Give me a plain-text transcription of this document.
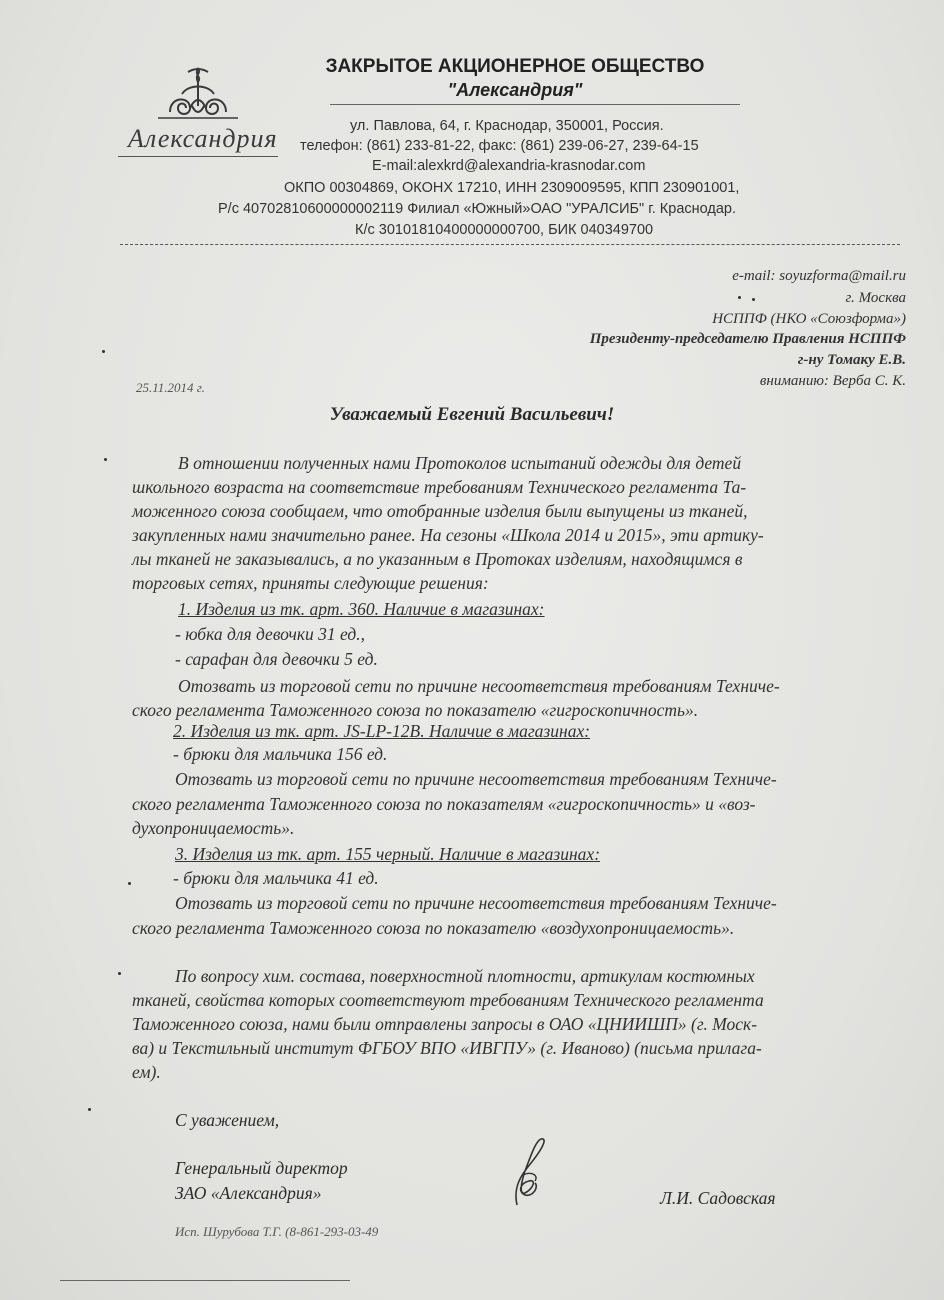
Александрия
ЗАКРЫТОЕ АКЦИОНЕРНОЕ ОБЩЕСТВО
"Александрия"
ул. Павлова, 64, г. Краснодар, 350001, Россия.
телефон: (861) 233-81-22, факс: (861) 239-06-27, 239-64-15
E-mail:alexkrd@alexandria-krasnodar.com
ОКПО 00304869, ОКОНХ 17210, ИНН 2309009595, КПП 230901001,
Р/с 40702810600000002119 Филиал «Южный»ОАО "УРАЛСИБ" г. Краснодар.
К/с 30101810400000000700, БИК 040349700
e-mail: soyuzforma@mail.ru
г. Москва
НСППФ (НКО «Союзформа»)
Президенту-председателю Правления НСППФ
г-ну Томаку Е.В.
вниманию: Верба С. К.
25.11.2014 г.
Уважаемый Евгений Васильевич!
В отношении полученных нами Протоколов испытаний одежды для детей
школьного возраста на соответствие требованиям Технического регламента Та-
моженного союза сообщаем, что отобранные изделия были выпущены из тканей,
закупленных нами значительно ранее. На сезоны «Школа 2014 и 2015», эти артику-
лы тканей не заказывались, а по указанным в Протоках изделиям, находящимся в
торговых сетях, приняты следующие решения:
1. Изделия из тк. арт. 360. Наличие в магазинах:
- юбка для девочки 31 ед.,
- сарафан для девочки 5 ед.
Отозвать из торговой сети по причине несоответствия требованиям Техниче-
ского регламента Таможенного союза по показателю «гигроскопичность».
2. Изделия из тк. арт. JS-LP-12B. Наличие в магазинах:
- брюки для мальчика 156 ед.
Отозвать из торговой сети по причине несоответствия требованиям Техниче-
ского регламента Таможенного союза по показателям «гигроскопичность» и «воз-
духопроницаемость».
3. Изделия из тк. арт. 155 черный. Наличие в магазинах:
- брюки для мальчика 41 ед.
Отозвать из торговой сети по причине несоответствия требованиям Техниче-
ского регламента Таможенного союза по показателю «воздухопроницаемость».
По вопросу хим. состава, поверхностной плотности, артикулам костюмных
тканей, свойства которых соответствуют требованиям Технического регламента
Таможенного союза, нами были отправлены запросы в ОАО «ЦНИИШП» (г. Моск-
ва) и Текстильный институт ФГБОУ ВПО «ИВГПУ» (г. Иваново) (письма прилага-
ем).
С уважением,
Генеральный директор
ЗАО «Александрия»	Л.И. Садовская
Исп. Шурубова Т.Г. (8-861-293-03-49
